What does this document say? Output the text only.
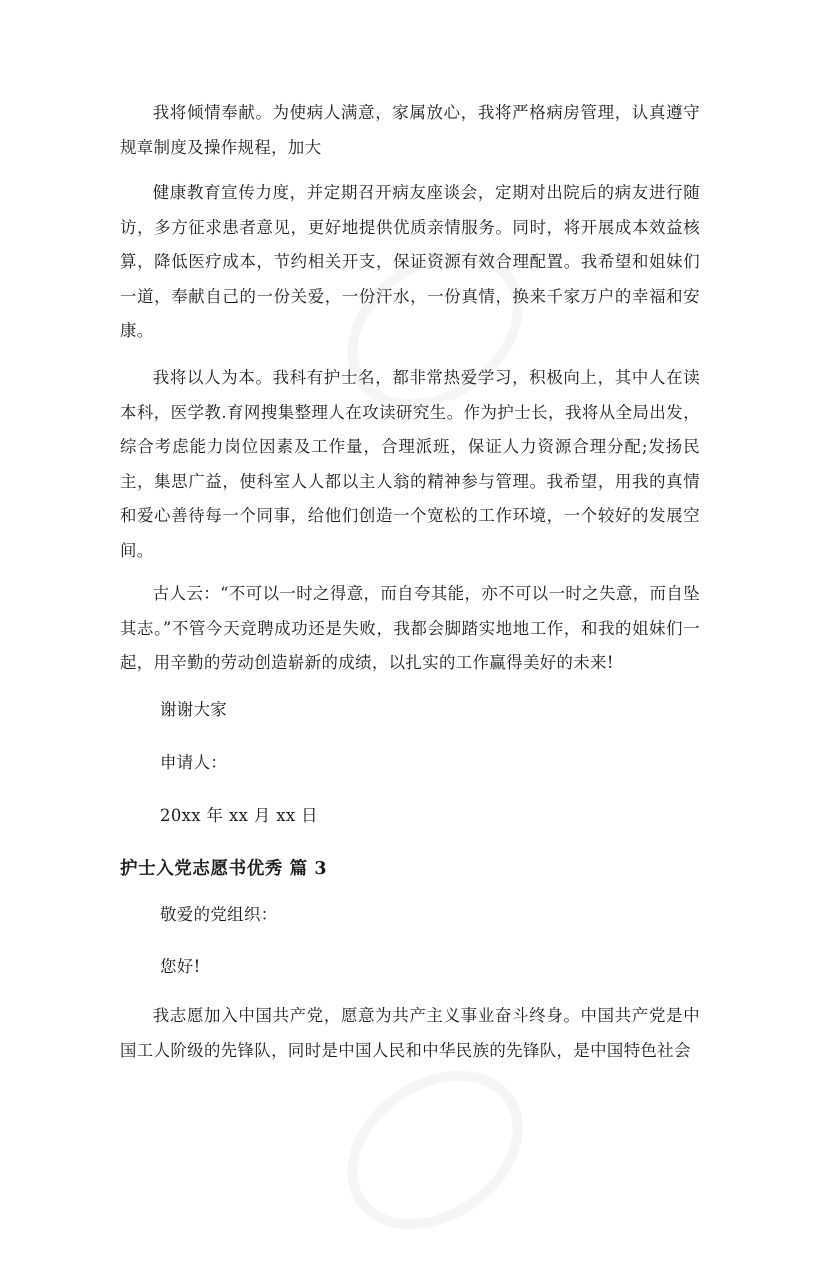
我将倾情奉献。为使病人满意，家属放心，我将严格病房管理，认真遵守规章制度及操作规程，加大

健康教育宣传力度，并定期召开病友座谈会，定期对出院后的病友进行随访，多方征求患者意见，更好地提供优质亲情服务。同时，将开展成本效益核算，降低医疗成本，节约相关开支，保证资源有效合理配置。我希望和姐妹们一道，奉献自己的一份关爱，一份汗水，一份真情，换来千家万户的幸福和安康。

我将以人为本。我科有护士名，都非常热爱学习，积极向上，其中人在读本科，医学教.育网搜集整理人在攻读研究生。作为护士长，我将从全局出发，综合考虑能力岗位因素及工作量，合理派班，保证人力资源合理分配;发扬民主，集思广益，使科室人人都以主人翁的精神参与管理。我希望，用我的真情和爱心善待每一个同事，给他们创造一个宽松的工作环境，一个较好的发展空间。

古人云：“不可以一时之得意，而自夸其能，亦不可以一时之失意，而自坠其志。”不管今天竞聘成功还是失败，我都会脚踏实地地工作，和我的姐妹们一起，用辛勤的劳动创造崭新的成绩，以扎实的工作赢得美好的未来!

谢谢大家

申请人：

20xx 年 xx 月 xx 日

护士入党志愿书优秀 篇 3

敬爱的党组织：

您好!

我志愿加入中国共产党，愿意为共产主义事业奋斗终身。中国共产党是中国工人阶级的先锋队，同时是中国人民和中华民族的先锋队，是中国特色社会
